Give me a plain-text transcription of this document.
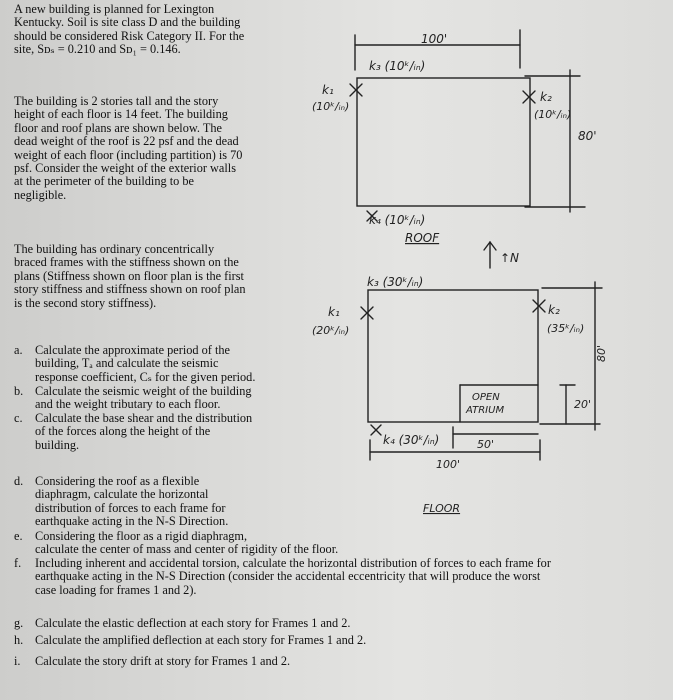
A new building is planned for Lexington
Kentucky. Soil is site class D and the building
should be considered Risk Category II. For the
site, Sᴅₛ = 0.210 and Sᴅ₁ = 0.146.
The building is 2 stories tall and the story
height of each floor is 14 feet. The building
floor and roof plans are shown below. The
dead weight of the roof is 22 psf and the dead
weight of each floor (including partition) is 70
psf. Consider the weight of the exterior walls
at the perimeter of the building to be
negligible.
The building has ordinary concentrically
braced frames with the stiffness shown on the
plans (Stiffness shown on floor plan is the first
story stiffness and stiffness shown on roof plan
is the second story stiffness).
a. Calculate the approximate period of the
building, Tₐ and calculate the seismic
response coefficient, Cₛ for the given period.
b. Calculate the seismic weight of the building
and the weight tributary to each floor.
c. Calculate the base shear and the distribution
of the forces along the height of the
building.
d. Considering the roof as a flexible
diaphragm, calculate the horizontal
distribution of forces to each frame for
earthquake acting in the N-S Direction.
e. Considering the floor as a rigid diaphragm,
calculate the center of mass and center of rigidity of the floor.
f. Including inherent and accidental torsion, calculate the horizontal distribution of forces to each frame for
earthquake acting in the N-S Direction (consider the accidental eccentricity that will produce the worst
case loading for frames 1 and 2).
g. Calculate the elastic deflection at each story for Frames 1 and 2.
h. Calculate the amplified deflection at each story for Frames 1 and 2.
i. Calculate the story drift at story for Frames 1 and 2.
100'
k₃ (10ᵏ/ᵢₙ)
k₁
(10ᵏ/ᵢₙ)
k₂
(10ᵏ/ᵢₙ)
80'
k₄ (10ᵏ/ᵢₙ)
ROOF
↑N
k₃ (30ᵏ/ᵢₙ)
k₁
(20ᵏ/ᵢₙ)
k₂
(35ᵏ/ᵢₙ)
80'
OPEN
ATRIUM	20'
k₄ (30ᵏ/ᵢₙ)	50'
100'
FLOOR
